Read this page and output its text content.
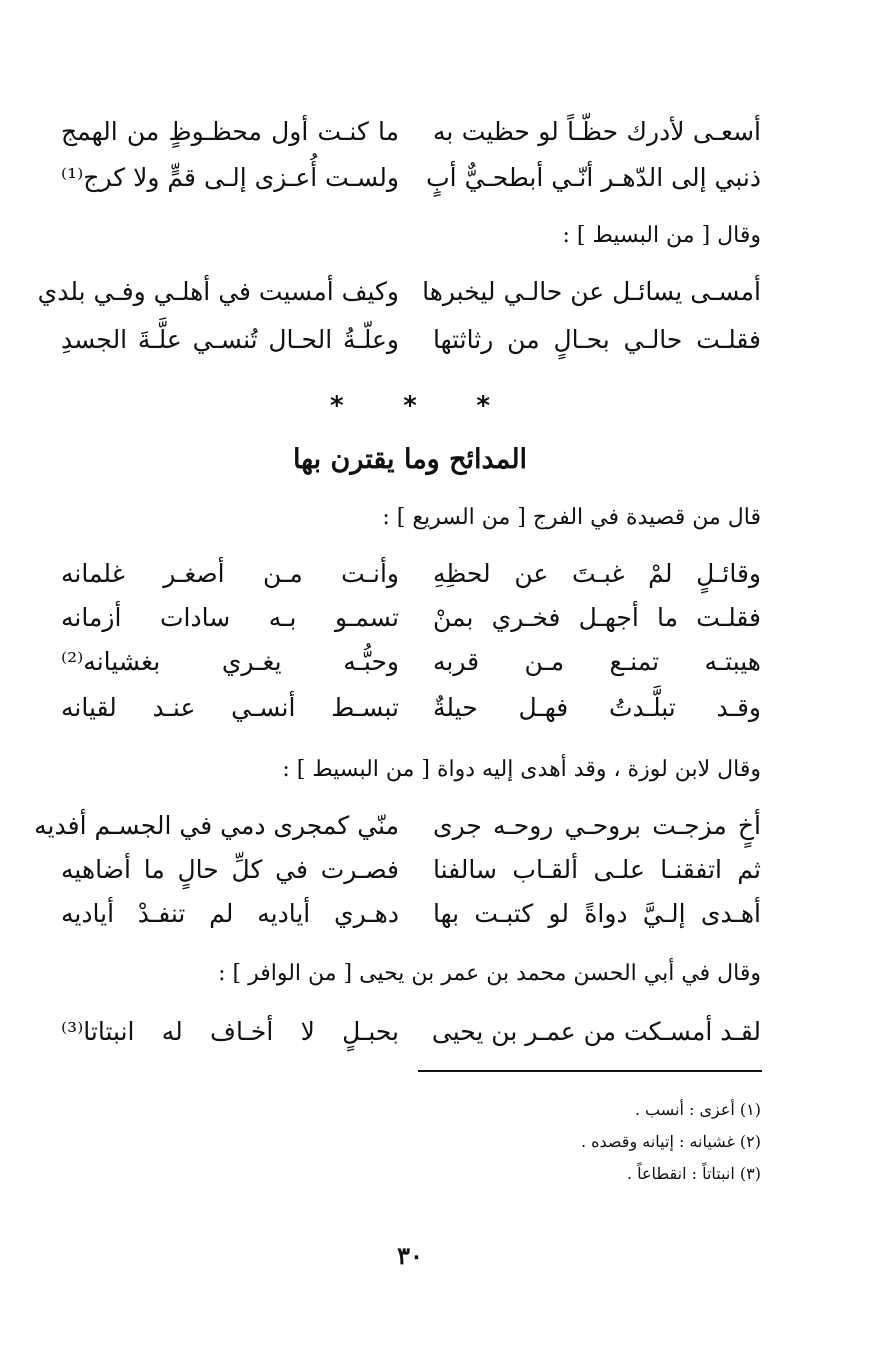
أسعـى لأدرك حظّـاً لو حظيت به
ما كنـت أول محظـوظٍ من الهمج
ذنبي إلى الدّهـر أنّـي أبطحـيٌّ أبٍ
ولسـت أُعـزى إلـى قمٍّ ولا كرج⁽¹⁾
وقال [ من البسيط ] :
أمسـى يسائـل عن حالـي ليخبرها
وكيف أمسيت في أهلـي وفـي بلدي
فقلـت حالـي بحـالٍ من رثاثتها
وعلّـةُ الحـال تُنسـي علَّـةَ الجسدِ
* * *
المدائح وما يقترن بها
قال من قصيدة في الفرج [ من السريع ] :
وقائـلٍ لمْ غبـتَ عن لحظِهِ
وأنـت مـن أصغـر غلمانه
فقلـت ما أجهـل فخـري بمنْ
تسمـو بـه سادات أزمانه
هيبتـه تمنـع مـن قربه
وحبُّـه يغـري بغشيانه⁽²⁾
وقـد تبلَّـدتُ فهـل حيلةٌ
تبسـط أنسـي عنـد لقيانه
وقال لابن لوزة ، وقد أهدى إليه دواة [ من البسيط ] :
أخٍ مزجـت بروحـي روحـه جرى
منّي كمجرى دمي في الجسـم أفديه
ثم اتفقنـا علـى ألقـاب سالفنا
فصـرت في كلِّ حالٍ ما أضاهيه
أهـدى إلـيَّ دواةً لو كتبـت بها
دهـري أياديه لم تنفـدْ أياديه
وقال في أبي الحسن محمد بن عمر بن يحيى [ من الوافر ] :
لقـد أمسـكت من عمـر بن يحيى
بحبـلٍ لا أخـاف له انبتاتا⁽³⁾
(١) أعزى : أنسب .
(٢) غشيانه : إتيانه وقصده .
(٣) انبتاتاً : انقطاعاً .
٣٠
